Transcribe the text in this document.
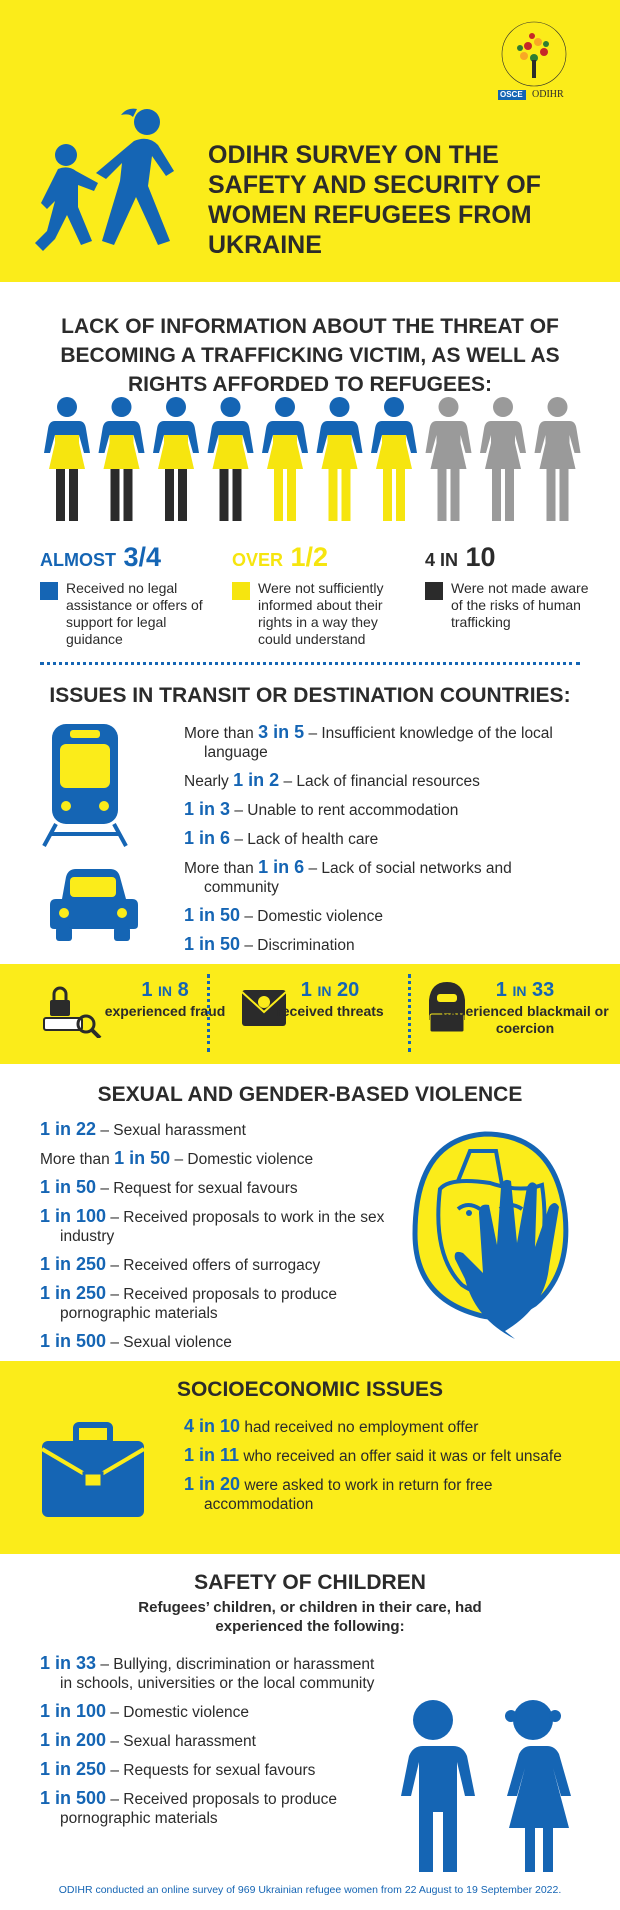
ODIHR SURVEY ON THE SAFETY AND SECURITY OF WOMEN REFUGEES FROM UKRAINE
OSCE ODIHR
LACK OF INFORMATION ABOUT THE THREAT OF BECOMING A TRAFFICKING VICTIM, AS WELL AS RIGHTS AFFORDED TO REFUGEES:
ALMOST 3/4
Received no legal assistance or offers of support for legal guidance
OVER 1/2
Were not sufficiently informed about their rights in a way they could understand
4 IN 10
Were not made aware of the risks of human trafficking
ISSUES IN TRANSIT OR DESTINATION COUNTRIES:
More than 3 in 5 – Insufficient knowledge of the local language
Nearly 1 in 2 – Lack of financial resources
1 in 3 – Unable to rent accommodation
1 in 6 – Lack of health care
More than 1 in 6 – Lack of social networks and community
1 in 50 – Domestic violence
1 in 50 – Discrimination
1 IN 8
experienced fraud
1 IN 20
received threats
1 IN 33
experienced blackmail or coercion
SEXUAL AND GENDER-BASED VIOLENCE
1 in 22 – Sexual harassment
More than 1 in 50 – Domestic violence
1 in 50 – Request for sexual favours
1 in 100 – Received proposals to work in the sex industry
1 in 250 – Received offers of surrogacy
1 in 250 – Received proposals to produce pornographic materials
1 in 500 – Sexual violence
SOCIOECONOMIC ISSUES
4 in 10 had received no employment offer
1 in 11 who received an offer said it was or felt unsafe
1 in 20 were asked to work in return for free accommodation
SAFETY OF CHILDREN
Refugees’ children, or children in their care, had experienced the following:
1 in 33 – Bullying, discrimination or harassment in schools, universities or the local community
1 in 100 – Domestic violence
1 in 200 – Sexual harassment
1 in 250 – Requests for sexual favours
1 in 500 – Received proposals to produce pornographic materials
ODIHR conducted an online survey of 969 Ukrainian refugee women from 22 August to 19 September 2022.
